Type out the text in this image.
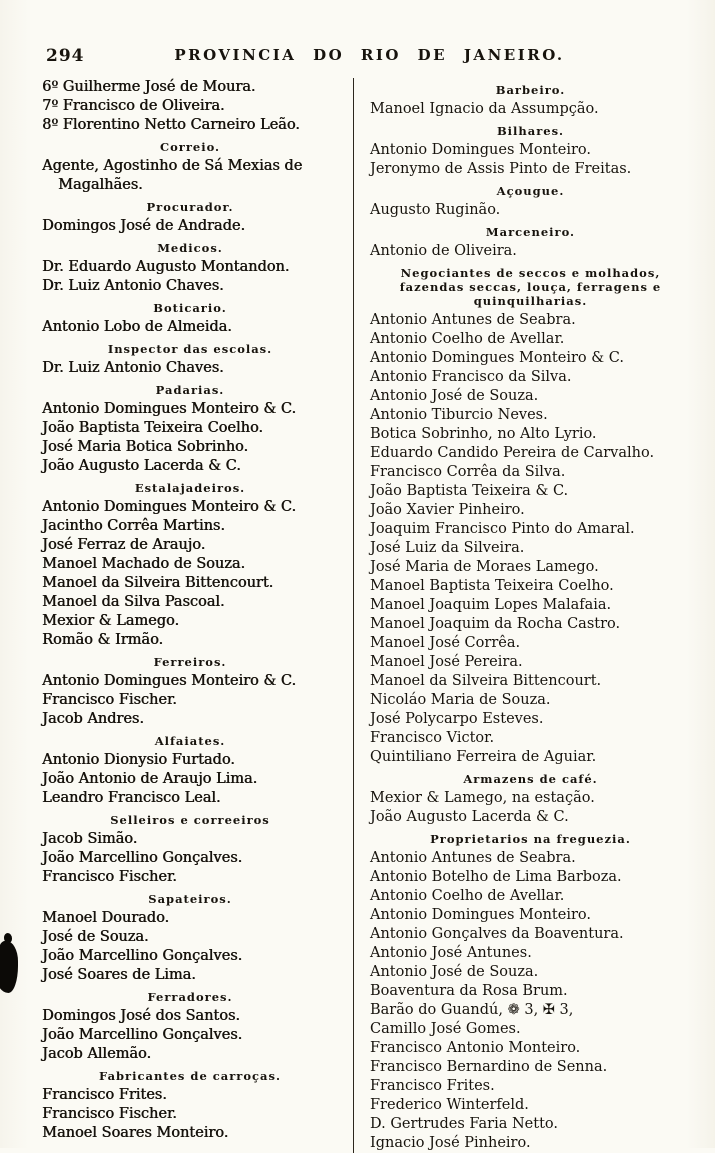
294	PROVINCIA DO RIO DE JANEIRO.
6º Guilherme José de Moura.
7º Francisco de Oliveira.
8º Florentino Netto Carneiro Leão.
Correio.
Agente, Agostinho de Sá Mexias de Magalhães.
Procurador.
Domingos José de Andrade.
Medicos.
Dr. Eduardo Augusto Montandon.
Dr. Luiz Antonio Chaves.
Boticario.
Antonio Lobo de Almeida.
Inspector das escolas.
Dr. Luiz Antonio Chaves.
Padarias.
Antonio Domingues Monteiro & C.
João Baptista Teixeira Coelho.
José Maria Botica Sobrinho.
João Augusto Lacerda & C.
Estalajadeiros.
Antonio Domingues Monteiro & C.
Jacintho Corrêa Martins.
José Ferraz de Araujo.
Manoel Machado de Souza.
Manoel da Silveira Bittencourt.
Manoel da Silva Pascoal.
Mexior & Lamego.
Romão & Irmão.
Ferreiros.
Antonio Domingues Monteiro & C.
Francisco Fischer.
Jacob Andres.
Alfaiates.
Antonio Dionysio Furtado.
João Antonio de Araujo Lima.
Leandro Francisco Leal.
Selleiros e correeiros
Jacob Simão.
João Marcellino Gonçalves.
Francisco Fischer.
Sapateiros.
Manoel Dourado.
José de Souza.
João Marcellino Gonçalves.
José Soares de Lima.
Ferradores.
Domingos José dos Santos.
João Marcellino Gonçalves.
Jacob Allemão.
Fabricantes de carroças.
Francisco Frites.
Francisco Fischer.
Manoel Soares Monteiro.
Barbeiro.
Manoel Ignacio da Assumpção.
Bilhares.
Antonio Domingues Monteiro.
Jeronymo de Assis Pinto de Freitas.
Açougue.
Augusto Ruginão.
Marceneiro.
Antonio de Oliveira.
Negociantes de seccos e molhados, fazendas seccas, louça, ferragens e quinquilharias.
Antonio Antunes de Seabra.
Antonio Coelho de Avellar.
Antonio Domingues Monteiro & C.
Antonio Francisco da Silva.
Antonio José de Souza.
Antonio Tiburcio Neves.
Botica Sobrinho, no Alto Lyrio.
Eduardo Candido Pereira de Carvalho.
Francisco Corrêa da Silva.
João Baptista Teixeira & C.
João Xavier Pinheiro.
Joaquim Francisco Pinto do Amaral.
José Luiz da Silveira.
José Maria de Moraes Lamego.
Manoel Baptista Teixeira Coelho.
Manoel Joaquim Lopes Malafaia.
Manoel Joaquim da Rocha Castro.
Manoel José Corrêa.
Manoel José Pereira.
Manoel da Silveira Bittencourt.
Nicoláo Maria de Souza.
José Polycarpo Esteves.
Francisco Victor.
Quintiliano Ferreira de Aguiar.
Armazens de café.
Mexior & Lamego, na estação.
João Augusto Lacerda & C.
Proprietarios na freguezia.
Antonio Antunes de Seabra.
Antonio Botelho de Lima Barboza.
Antonio Coelho de Avellar.
Antonio Domingues Monteiro.
Antonio Gonçalves da Boaventura.
Antonio José Antunes.
Antonio José de Souza.
Boaventura da Rosa Brum.
Barão do Guandú, ❁ 3, ✠ 3,
Camillo José Gomes.
Francisco Antonio Monteiro.
Francisco Bernardino de Senna.
Francisco Frites.
Frederico Winterfeld.
D. Gertrudes Faria Netto.
Ignacio José Pinheiro.
